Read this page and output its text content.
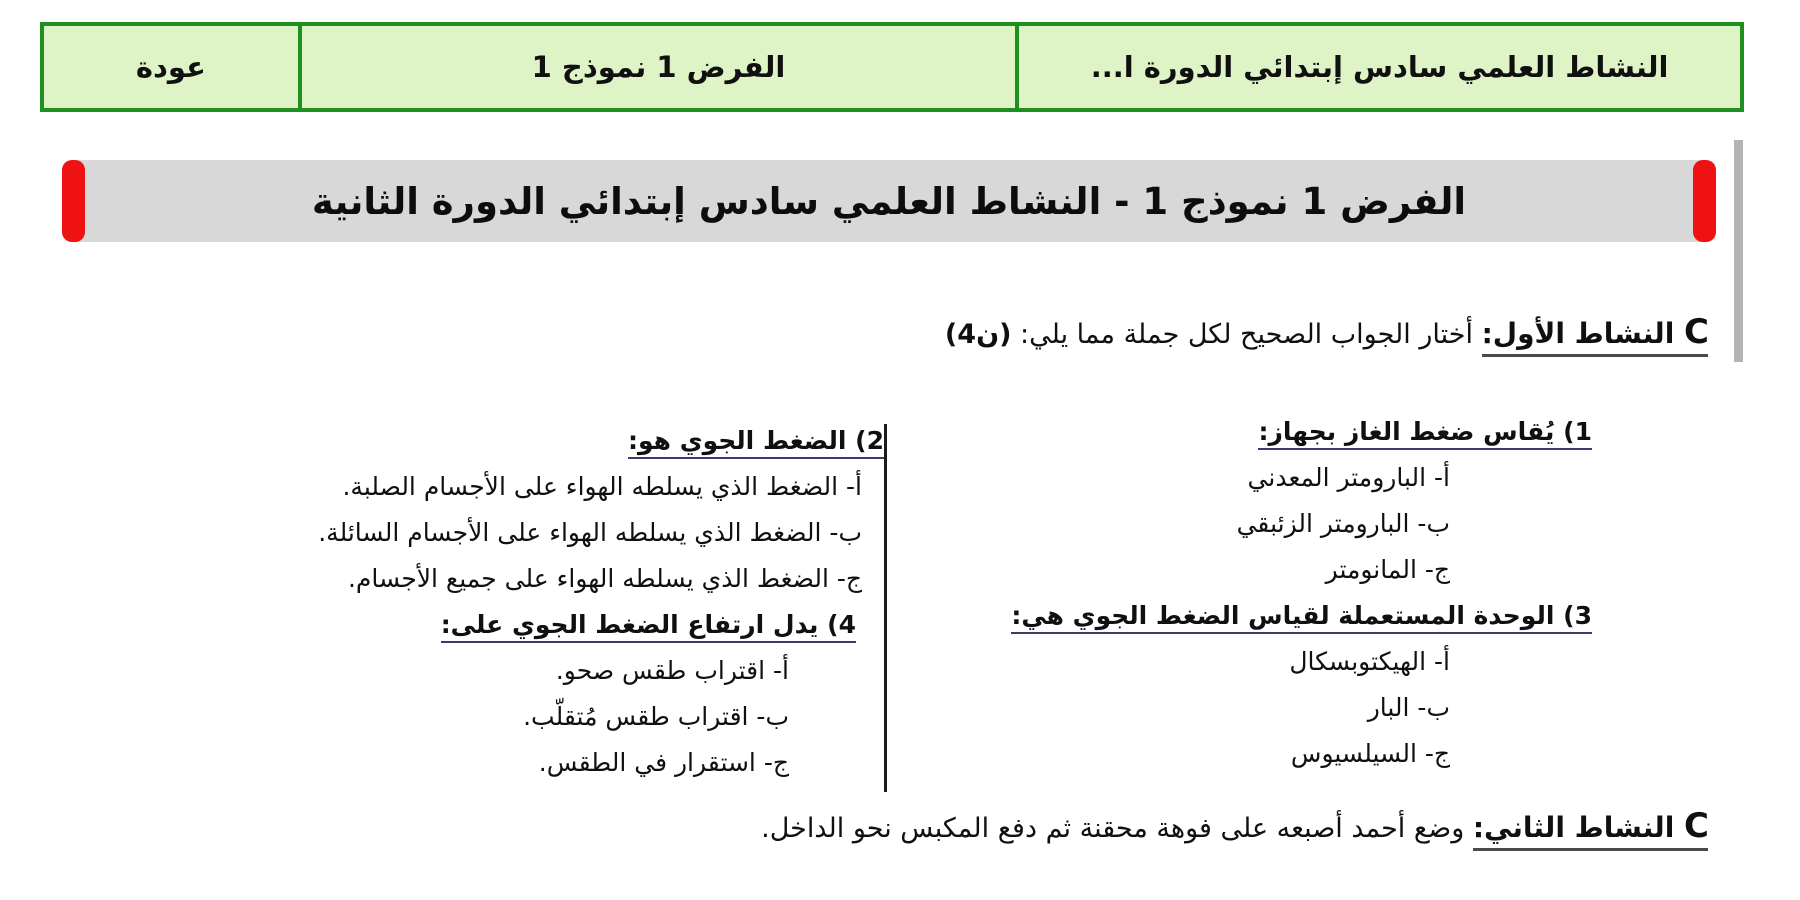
النشاط العلمي سادس إبتدائي الدورة ا...
الفرض 1 نموذج 1
عودة
الفرض 1 نموذج 1 - النشاط العلمي سادس إبتدائي الدورة الثانية
C النشاط الأول: أختار الجواب الصحيح لكل جملة مما يلي: (4ن)
1) يُقاس ضغط الغاز بجهاز:
أ- البارومتر المعدني
ب- البارومتر الزئبقي
ج- المانومتر
3) الوحدة المستعملة لقياس الضغط الجوي هي:
أ- الهيكتوبسكال
ب- البار
ج- السيلسيوس
2) الضغط الجوي هو:
أ- الضغط الذي يسلطه الهواء على الأجسام الصلبة.
ب- الضغط الذي يسلطه الهواء على الأجسام السائلة.
ج- الضغط الذي يسلطه الهواء على جميع الأجسام.
4) يدل ارتفاع الضغط الجوي على:
أ- اقتراب طقس صحو.
ب- اقتراب طقس مُتقلّب.
ج- استقرار في الطقس.
C النشاط الثاني: وضع أحمد أصبعه على فوهة محقنة ثم دفع المكبس نحو الداخل.
